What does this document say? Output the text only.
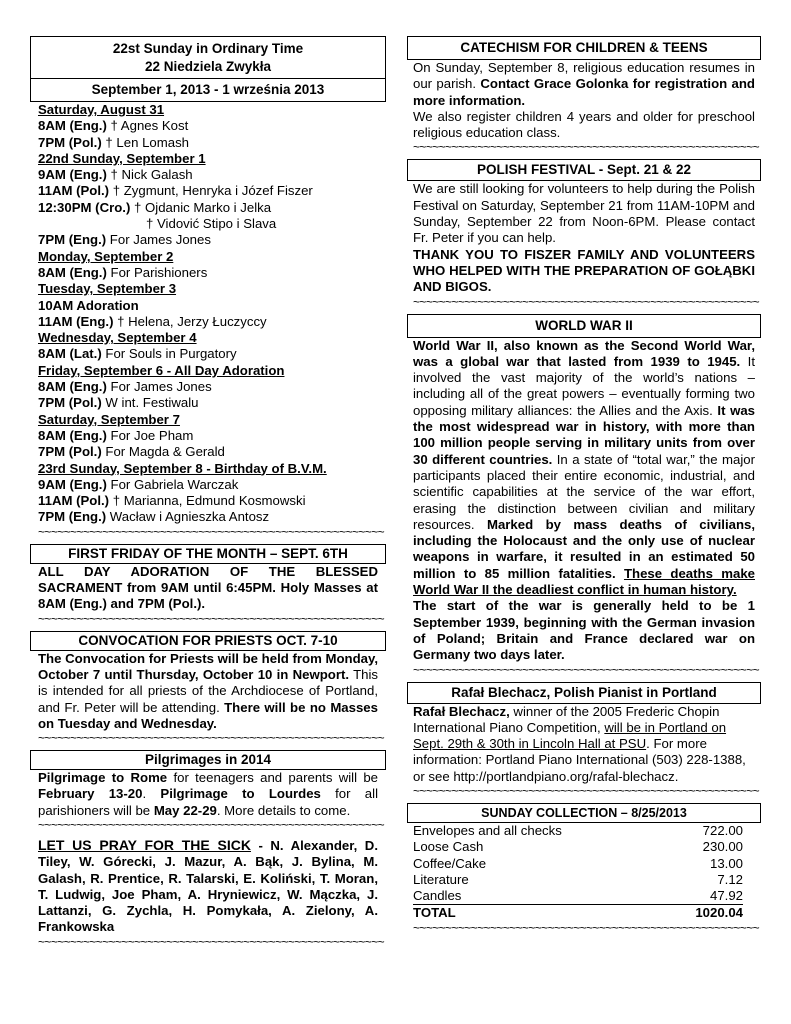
22st Sunday in Ordinary Time
22 Niedziela Zwykła
September 1, 2013 - 1 września 2013
Saturday, August 31
8AM (Eng.) † Agnes Kost
7PM (Pol.) † Len Lomash
22nd Sunday, September 1
9AM (Eng.) † Nick Galash
11AM (Pol.) † Zygmunt, Henryka i Józef Fiszer
12:30PM (Cro.) † Ojdanic Marko i Jelka
† Vidović Stipo i Slava
7PM (Eng.) For James Jones
Monday, September 2
8AM (Eng.) For Parishioners
Tuesday, September 3
10AM Adoration
11AM (Eng.) † Helena, Jerzy Łuczyccy
Wednesday, September 4
8AM (Lat.) For Souls in Purgatory
Friday, September 6 - All Day Adoration
8AM (Eng.) For James Jones
7PM (Pol.) W int. Festiwalu
Saturday, September 7
8AM (Eng.) For Joe Pham
7PM (Pol.) For Magda & Gerald
23rd Sunday, September 8 - Birthday of B.V.M.
9AM (Eng.) For Gabriela Warczak
11AM (Pol.) † Marianna, Edmund Kosmowski
7PM (Eng.) Wacław i Agnieszka Antosz
~~~~~~~~~~~~~~~~~~~~~~~~~~~~~~~~~~~~~~~~~~~~~~~~~~~~~~
FIRST FRIDAY OF THE MONTH – SEPT. 6TH
ALL DAY ADORATION OF THE BLESSED SACRAMENT from 9AM until 6:45PM. Holy Masses at 8AM (Eng.) and 7PM (Pol.).
~~~~~~~~~~~~~~~~~~~~~~~~~~~~~~~~~~~~~~~~~~~~~~~~~~~~~~
CONVOCATION FOR PRIESTS OCT. 7-10
The Convocation for Priests will be held from Monday, October 7 until Thursday, October 10 in Newport. This is intended for all priests of the Archdiocese of Portland, and Fr. Peter will be attending. There will be no Masses on Tuesday and Wednesday.
~~~~~~~~~~~~~~~~~~~~~~~~~~~~~~~~~~~~~~~~~~~~~~~~~~~~~~
Pilgrimages in 2014
Pilgrimage to Rome for teenagers and parents will be February 13-20. Pilgrimage to Lourdes for all parishioners will be May 22-29. More details to come.
~~~~~~~~~~~~~~~~~~~~~~~~~~~~~~~~~~~~~~~~~~~~~~~~~~~~~~
LET US PRAY FOR THE SICK - N. Alexander, D. Tiley, W. Górecki, J. Mazur, A. Bąk, J. Bylina, M. Galash, R. Prentice, R. Talarski, E. Koliński, T. Moran, T. Ludwig, Joe Pham, A. Hryniewicz, W. Mączka, J. Lattanzi, G. Zychla, H. Pomykała, A. Zielony, A. Frankowska
~~~~~~~~~~~~~~~~~~~~~~~~~~~~~~~~~~~~~~~~~~~~~~~~~~~~~~
CATECHISM FOR CHILDREN & TEENS
On Sunday, September 8, religious education resumes in our parish. Contact Grace Golonka for registration and more information.
We also register children 4 years and older for preschool religious education class.
~~~~~~~~~~~~~~~~~~~~~~~~~~~~~~~~~~~~~~~~~~~~~~~~~~~~~~
POLISH FESTIVAL - Sept. 21 & 22
We are still looking for volunteers to help during the Polish Festival on Saturday, September 21 from 11AM-10PM and Sunday, September 22 from Noon-6PM. Please contact Fr. Peter if you can help.
THANK YOU TO FISZER FAMILY AND VOLUNTEERS WHO HELPED WITH THE PREPARATION OF GOŁĄBKI AND BIGOS.
~~~~~~~~~~~~~~~~~~~~~~~~~~~~~~~~~~~~~~~~~~~~~~~~~~~~~~
WORLD WAR II
World War II, also known as the Second World War, was a global war that lasted from 1939 to 1945. It involved the vast majority of the world’s nations – including all of the great powers – eventually forming two opposing military alliances: the Allies and the Axis. It was the most widespread war in history, with more than 100 million people serving in military units from over 30 different countries. In a state of “total war,” the major participants placed their entire economic, industrial, and scientific capabilities at the service of the war effort, erasing the distinction between civilian and military resources. Marked by mass deaths of civilians, including the Holocaust and the only use of nuclear weapons in warfare, it resulted in an estimated 50 million to 85 million fatalities. These deaths make World War II the deadliest conflict in human history.
The start of the war is generally held to be 1 September 1939, beginning with the German invasion of Poland; Britain and France declared war on Germany two days later.
~~~~~~~~~~~~~~~~~~~~~~~~~~~~~~~~~~~~~~~~~~~~~~~~~~~~~~
Rafał Blechacz, Polish Pianist in Portland
Rafał Blechacz, winner of the 2005 Frederic Chopin International Piano Competition, will be in Portland on Sept. 29th & 30th in Lincoln Hall at PSU. For more information: Portland Piano International (503) 228-1388, or see http://portlandpiano.org/rafal-blechacz.
~~~~~~~~~~~~~~~~~~~~~~~~~~~~~~~~~~~~~~~~~~~~~~~~~~~~~~
SUNDAY COLLECTION – 8/25/2013
Envelopes and all checks	722.00
Loose Cash	230.00
Coffee/Cake	13.00
Literature	7.12
Candles	47.92
TOTAL	1020.04
~~~~~~~~~~~~~~~~~~~~~~~~~~~~~~~~~~~~~~~~~~~~~~~~~~~~~~
